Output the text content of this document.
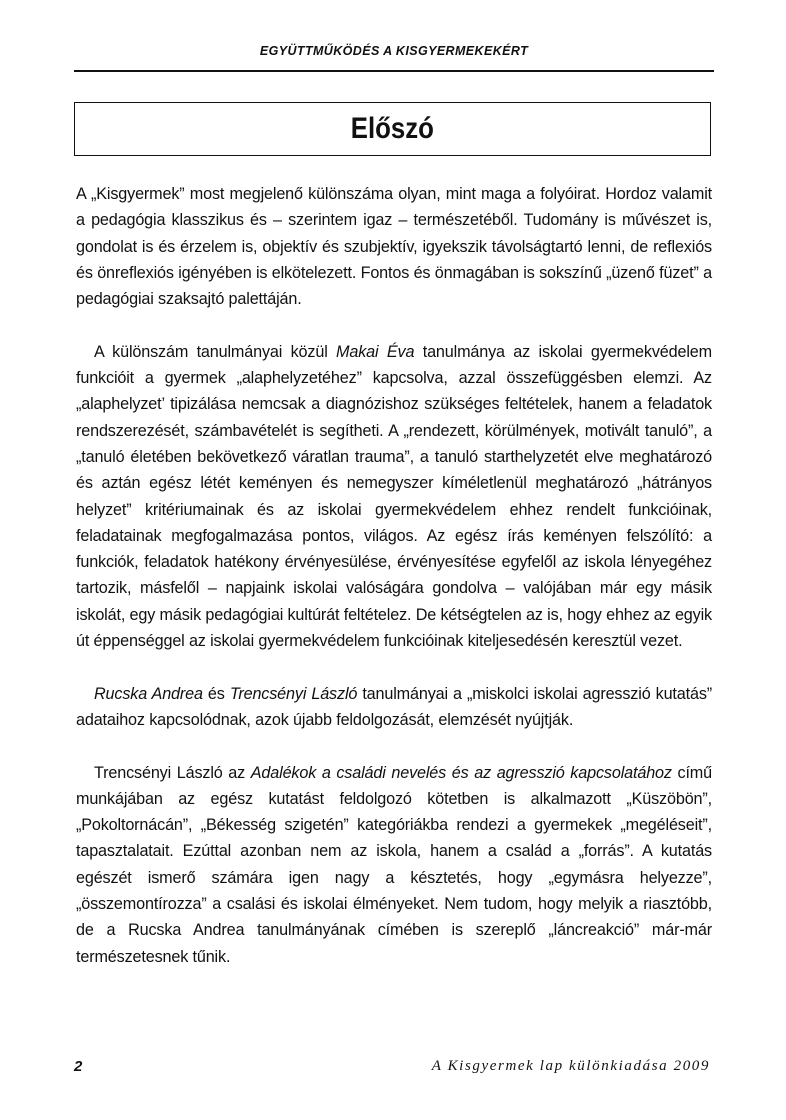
EGYÜTTMŰKÖDÉS A KISGYERMEKEKÉRT
Előszó

A „Kisgyermek” most megjelenő különszáma olyan, mint maga a folyóirat. Hordoz valamit a pedagógia klasszikus és – szerintem igaz – természetéből. Tudomány is művészet is, gondolat is és érzelem is, objektív és szubjektív, igyekszik távolságtartó lenni, de reflexiós és önreflexiós igényében is elkötelezett. Fontos és önmagában is sokszínű „üzenő füzet” a pedagógiai szaksajtó palettáján.

A különszám tanulmányai közül Makai Éva tanulmánya az iskolai gyermekvédelem funkcióit a gyermek „alaphelyzetéhez” kapcsolva, azzal összefüggésben elemzi. Az „alaphelyzet’ tipizálása nemcsak a diagnózishoz szükséges feltételek, hanem a feladatok rendszerezését, számbavételét is segítheti. A „rendezett, körülmények, motivált tanuló”, a „tanuló életében bekövetkező váratlan trauma”, a tanuló starthelyzetét elve meghatározó és aztán egész létét keményen és nemegyszer kíméletlenül meghatározó „hátrányos helyzet” kritériumainak és az iskolai gyermekvédelem ehhez rendelt funkcióinak, feladatainak megfogalmazása pontos, világos. Az egész írás keményen felszólító: a funkciók, feladatok hatékony érvényesülése, érvényesítése egyfelől az iskola lényegéhez tartozik, másfelől – napjaink iskolai valóságára gondolva – valójában már egy másik iskolát, egy másik pedagógiai kultúrát feltételez. De kétségtelen az is, hogy ehhez az egyik út éppenséggel az iskolai gyermekvédelem funkcióinak kiteljesedésén keresztül vezet.

Rucska Andrea és Trencsényi László tanulmányai a „miskolci iskolai agresszió kutatás” adataihoz kapcsolódnak, azok újabb feldolgozását, elemzését nyújtják.

Trencsényi László az Adalékok a családi nevelés és az agresszió kapcsolatához című munkájában az egész kutatást feldolgozó kötetben is alkalmazott „Küszöbön”, „Pokoltornácán”, „Békesség szigetén” kategóriákba rendezi a gyermekek „megéléseit”, tapasztalatait. Ezúttal azonban nem az iskola, hanem a család a „forrás”. A kutatás egészét ismerő számára igen nagy a késztetés, hogy „egymásra helyezze”, „összemontírozza” a csalási és iskolai élményeket. Nem tudom, hogy melyik a riasztóbb, de a Rucska Andrea tanulmányának címében is szereplő „láncreakció” már-már természetesnek tűnik.

2	A Kisgyermek lap különkiadása 2009
